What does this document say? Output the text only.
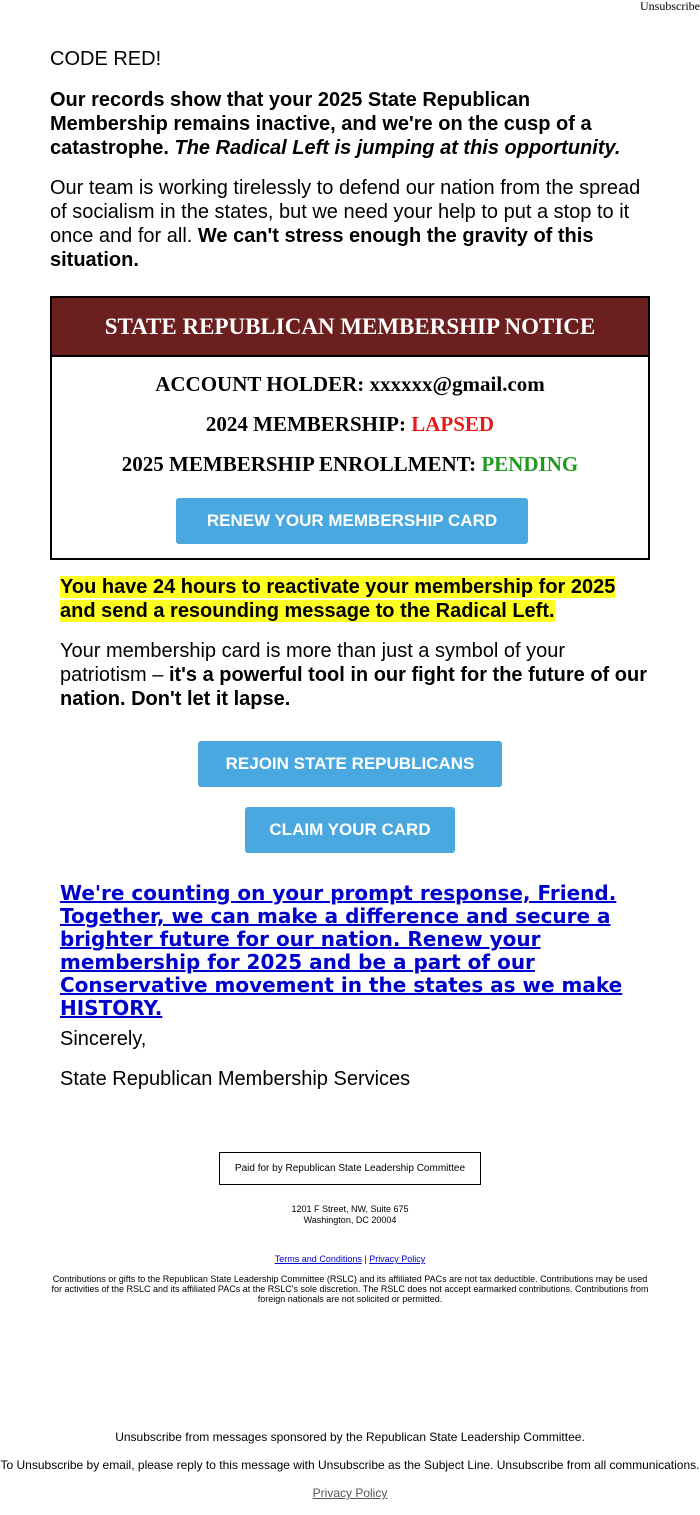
Unsubscribe

CODE RED!

Our records show that your 2025 State Republican Membership remains inactive, and we're on the cusp of a catastrophe. The Radical Left is jumping at this opportunity.

Our team is working tirelessly to defend our nation from the spread of socialism in the states, but we need your help to put a stop to it once and for all. We can't stress enough the gravity of this situation.

STATE REPUBLICAN MEMBERSHIP NOTICE
ACCOUNT HOLDER: xxxxxx@gmail.com
2024 MEMBERSHIP: LAPSED
2025 MEMBERSHIP ENROLLMENT: PENDING
RENEW YOUR MEMBERSHIP CARD
You have 24 hours to reactivate your membership for 2025 and send a resounding message to the Radical Left.

Your membership card is more than just a symbol of your patriotism – it's a powerful tool in our fight for the future of our nation. Don't let it lapse.

REJOIN STATE REPUBLICANS
CLAIM YOUR CARD
We're counting on your prompt response, Friend. Together, we can make a difference and secure a brighter future for our nation. Renew your membership for 2025 and be a part of our Conservative movement in the states as we make HISTORY.
Sincerely,
State Republican Membership Services
Paid for by Republican State Leadership Committee
1201 F Street, NW, Suite 675
Washington, DC 20004
Terms and Conditions | Privacy Policy
Contributions or gifts to the Republican State Leadership Committee (RSLC) and its affiliated PACs are not tax deductible. Contributions may be used for activities of the RSLC and its affiliated PACs at the RSLC's sole discretion. The RSLC does not accept earmarked contributions. Contributions from foreign nationals are not solicited or permitted.
Unsubscribe from messages sponsored by the Republican State Leadership Committee.
To Unsubscribe by email, please reply to this message with Unsubscribe as the Subject Line. Unsubscribe from all communications.
Privacy Policy
